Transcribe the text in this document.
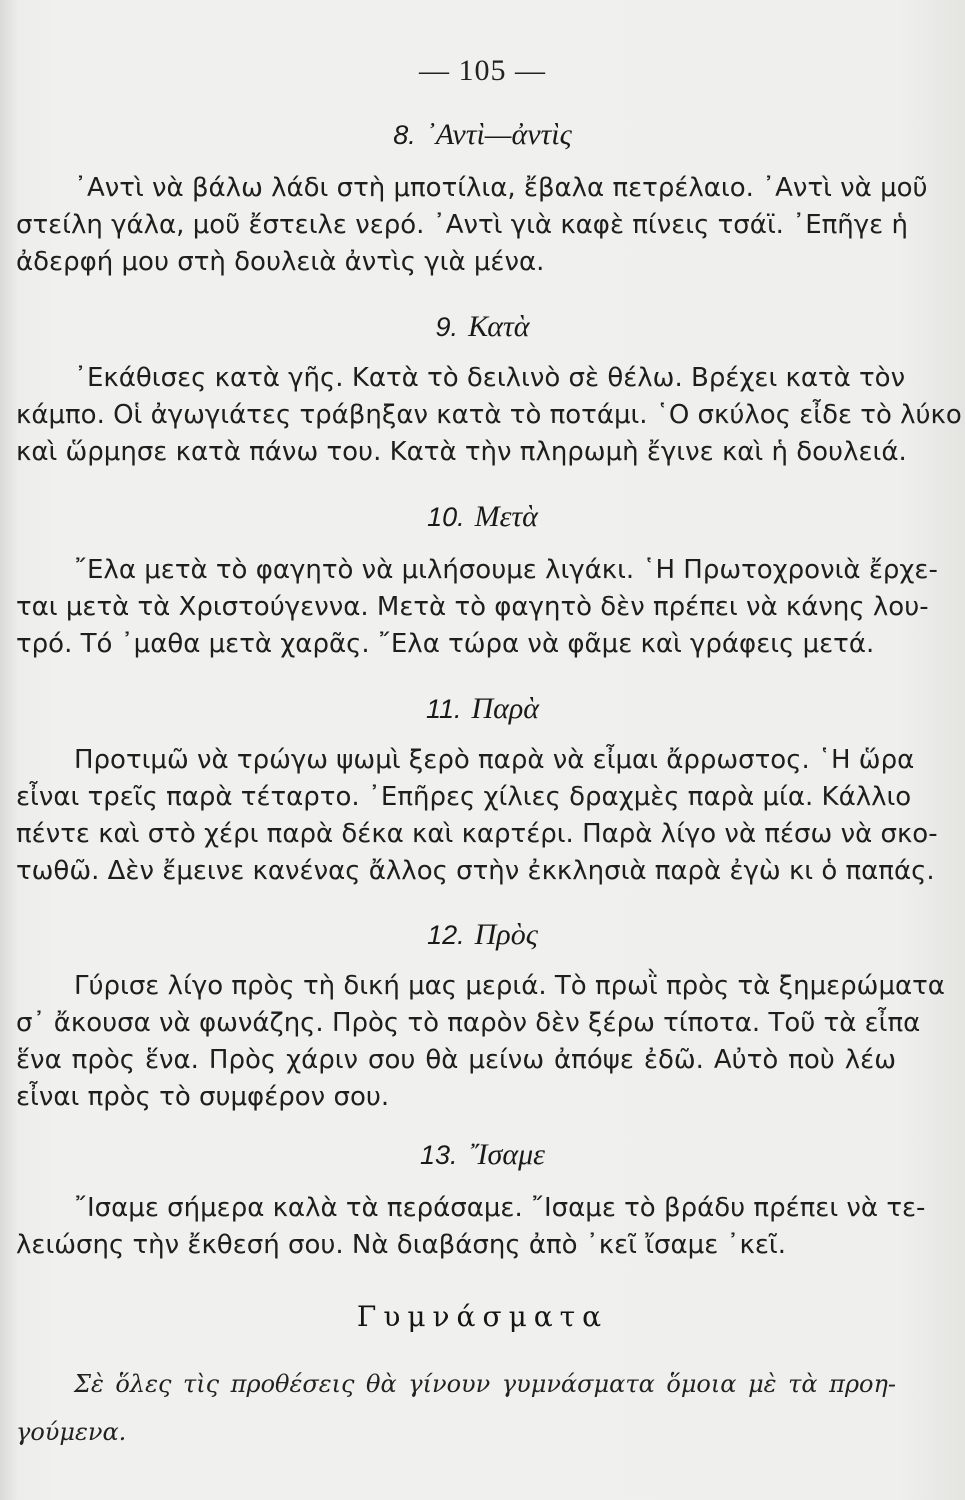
— 105 —
8. ᾿Αντὶ—ἀντὶς
᾿Αντὶ νὰ βάλω λάδι στὴ μποτίλια, ἔβαλα πετρέλαιο. ᾿Αντὶ νὰ μοῦ
στείλη γάλα, μοῦ ἔστειλε νερό. ᾿Αντὶ γιὰ καφὲ πίνεις τσάϊ. ᾿Επῆγε ἡ
ἀδερφή μου στὴ δουλειὰ ἀντὶς γιὰ μένα.
9. Κατὰ
᾿Εκάθισες κατὰ γῆς. Κατὰ τὸ δειλινὸ σὲ θέλω. Βρέχει κατὰ τὸν
κάμπο. Οἱ ἀγωγιάτες τράβηξαν κατὰ τὸ ποτάμι. ῾Ο σκύλος εἶδε τὸ λύκο
καὶ ὥρμησε κατὰ πάνω του. Κατὰ τὴν πληρωμὴ ἔγινε καὶ ἡ δουλειά.
10. Μετὰ
῎Ελα μετὰ τὸ φαγητὸ νὰ μιλήσουμε λιγάκι. ῾Η Πρωτοχρονιὰ ἔρχε-
ται μετὰ τὰ Χριστούγεννα. Μετὰ τὸ φαγητὸ δὲν πρέπει νὰ κάνης λου-
τρό. Τό ᾿μαθα μετὰ χαρᾶς. ῎Ελα τώρα νὰ φᾶμε καὶ γράφεις μετά.
11. Παρὰ
Προτιμῶ νὰ τρώγω ψωμὶ ξερὸ παρὰ νὰ εἶμαι ἄρρωστος. ῾Η ὥρα
εἶναι τρεῖς παρὰ τέταρτο. ᾿Επῆρες χίλιες δραχμὲς παρὰ μία. Κάλλιο
πέντε καὶ στὸ χέρι παρὰ δέκα καὶ καρτέρι. Παρὰ λίγο νὰ πέσω νὰ σκο-
τωθῶ. Δὲν ἔμεινε κανένας ἄλλος στὴν ἐκκλησιὰ παρὰ ἐγὼ κι ὁ παπάς.
12. Πρὸς
Γύρισε λίγο πρὸς τὴ δική μας μεριά. Τὸ πρωῒ πρὸς τὰ ξημερώματα
σ᾿ ἄκουσα νὰ φωνάζης. Πρὸς τὸ παρὸν δὲν ξέρω τίποτα. Τοῦ τὰ εἶπα
ἕνα πρὸς ἕνα. Πρὸς χάριν σου θὰ μείνω ἀπόψε ἐδῶ. Αὐτὸ ποὺ λέω
εἶναι πρὸς τὸ συμφέρον σου.
13. ῎Ισαμε
῎Ισαμε σήμερα καλὰ τὰ περάσαμε. ῎Ισαμε τὸ βράδυ πρέπει νὰ τε-
λειώσης τὴν ἔκθεσή σου. Νὰ διαβάσης ἀπὸ ᾿κεῖ ἴσαμε ᾿κεῖ.
Γυμνάσματα
Σὲ ὅλες τὶς προθέσεις θὰ γίνουν γυμνάσματα ὅμοια μὲ τὰ προη-
γούμενα.
